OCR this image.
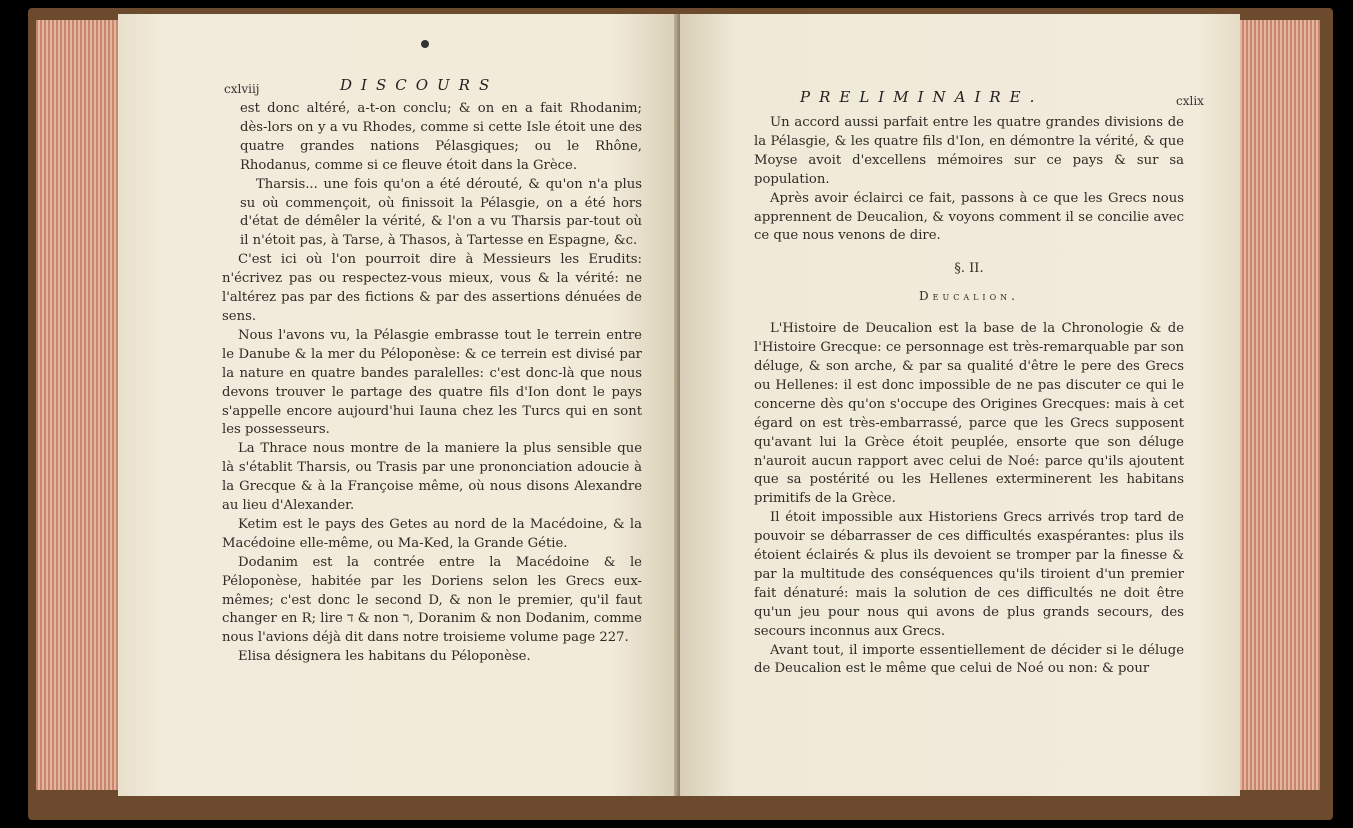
cxlviij	DISCOURS

est donc altéré, a-t-on conclu; & on en a fait Rhodanim; dès-lors on y a vu Rhodes, comme si cette Isle étoit une des quatre grandes nations Pélasgiques; ou le Rhône, Rhodanus, comme si ce fleuve étoit dans la Grèce.

Tharsis... une fois qu'on a été dérouté, & qu'on n'a plus su où commençoit, où finissoit la Pélasgie, on a été hors d'état de démêler la vérité, & l'on a vu Tharsis par-tout où il n'étoit pas, à Tarse, à Thasos, à Tartesse en Espagne, &c.

C'est ici où l'on pourroit dire à Messieurs les Erudits: n'écrivez pas ou respectez-vous mieux, vous & la vérité: ne l'altérez pas par des fictions & par des assertions dénuées de sens.

Nous l'avons vu, la Pélasgie embrasse tout le terrein entre le Danube & la mer du Péloponèse: & ce terrein est divisé par la nature en quatre bandes paralelles: c'est donc-là que nous devons trouver le partage des quatre fils d'Ion dont le pays s'appelle encore aujourd'hui Iauna chez les Turcs qui en sont les possesseurs.

La Thrace nous montre de la maniere la plus sensible que là s'établit Tharsis, ou Trasis par une prononciation adoucie à la Grecque & à la Françoise même, où nous disons Alexandre au lieu d'Alexander.

Ketim est le pays des Getes au nord de la Macédoine, & la Macédoine elle-même, ou Ma-Ked, la Grande Gétie.

Dodanim est la contrée entre la Macédoine & le Péloponèse, habitée par les Doriens selon les Grecs eux-mêmes; c'est donc le second D, & non le premier, qu'il faut changer en R; lire ד & non ר, Doranim & non Dodanim, comme nous l'avions déjà dit dans notre troisieme volume page 227.

Elisa désignera les habitans du Péloponèse.

PRELIMINAIRE.	cxlix

Un accord aussi parfait entre les quatre grandes divisions de la Pélasgie, & les quatre fils d'Ion, en démontre la vérité, & que Moyse avoit d'excellens mémoires sur ce pays & sur sa population.

Après avoir éclairci ce fait, passons à ce que les Grecs nous apprennent de Deucalion, & voyons comment il se concilie avec ce que nous venons de dire.

§. II.

Deucalion.

L'Histoire de Deucalion est la base de la Chronologie & de l'Histoire Grecque: ce personnage est très-remarquable par son déluge, & son arche, & par sa qualité d'être le pere des Grecs ou Hellenes: il est donc impossible de ne pas discuter ce qui le concerne dès qu'on s'occupe des Origines Grecques: mais à cet égard on est très-embarrassé, parce que les Grecs supposent qu'avant lui la Grèce étoit peuplée, ensorte que son déluge n'auroit aucun rapport avec celui de Noé: parce qu'ils ajoutent que sa postérité ou les Hellenes exterminerent les habitans primitifs de la Grèce.

Il étoit impossible aux Historiens Grecs arrivés trop tard de pouvoir se débarrasser de ces difficultés exaspérantes: plus ils étoient éclairés & plus ils devoient se tromper par la finesse & par la multitude des conséquences qu'ils tiroient d'un premier fait dénaturé: mais la solution de ces difficultés ne doit être qu'un jeu pour nous qui avons de plus grands secours, des secours inconnus aux Grecs.

Avant tout, il importe essentiellement de décider si le déluge de Deucalion est le même que celui de Noé ou non: & pour
